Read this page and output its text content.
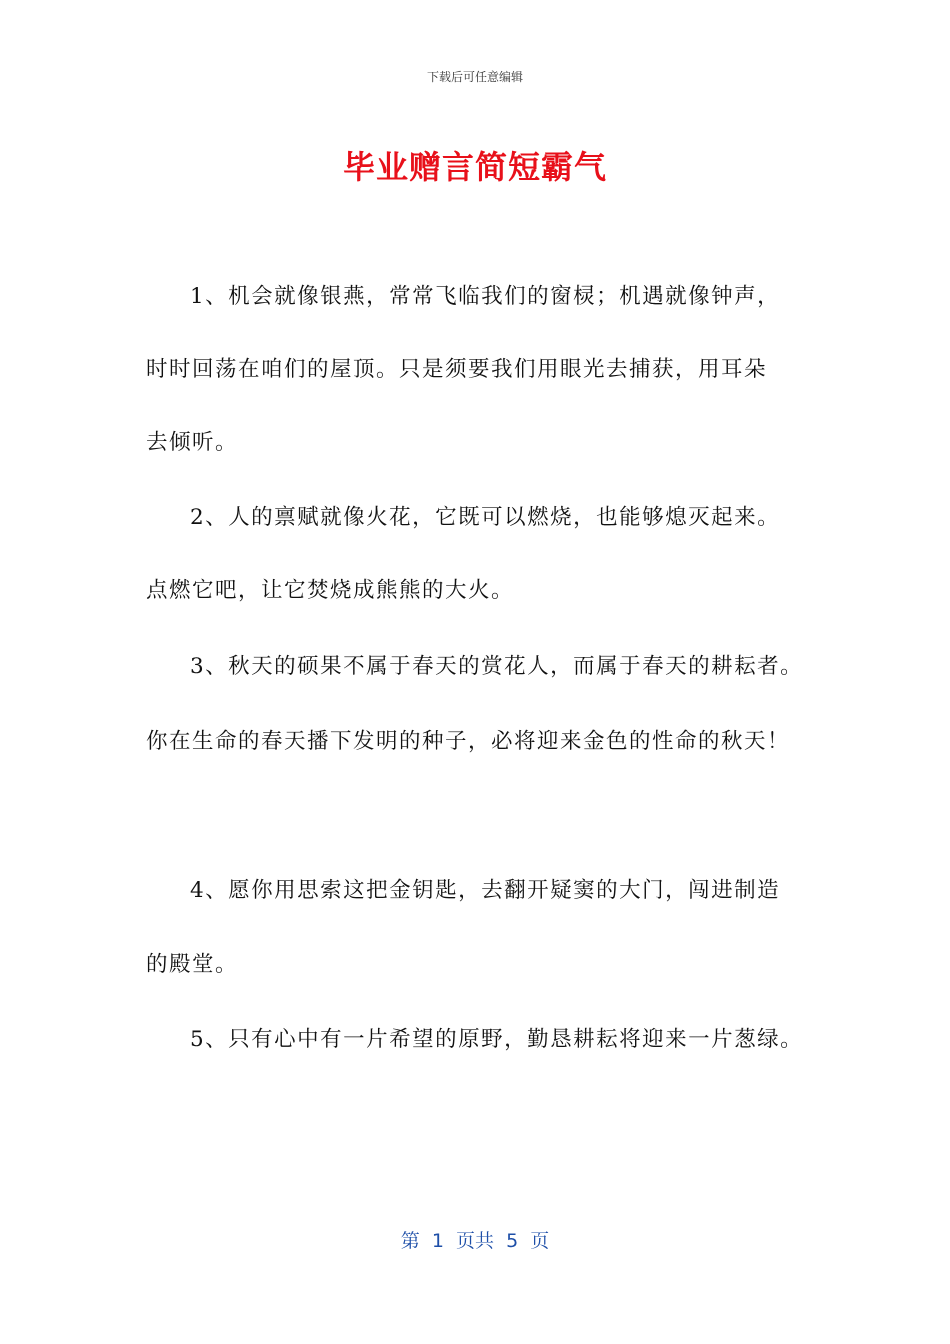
下载后可任意编辑
毕业赠言简短霸气
1、机会就像银燕，常常飞临我们的窗棂；机遇就像钟声，
时时回荡在咱们的屋顶。只是须要我们用眼光去捕获，用耳朵
去倾听。
2、人的禀赋就像火花，它既可以燃烧，也能够熄灭起来。
点燃它吧，让它焚烧成熊熊的大火。
3、秋天的硕果不属于春天的赏花人，而属于春天的耕耘者。
你在生命的春天播下发明的种子，必将迎来金色的性命的秋天！
4、愿你用思索这把金钥匙，去翻开疑窦的大门，闯进制造
的殿堂。
5、只有心中有一片希望的原野，勤恳耕耘将迎来一片葱绿。
第  1  页共  5  页
